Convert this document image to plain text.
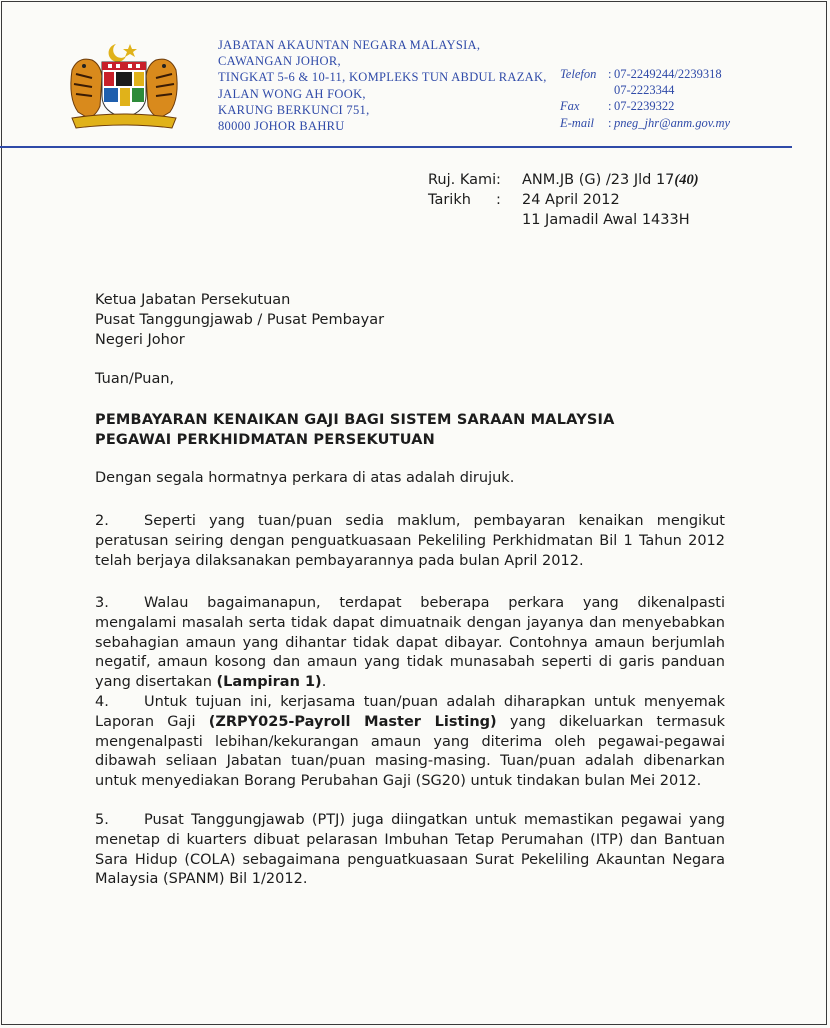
JABATAN AKAUNTAN NEGARA MALAYSIA,
CAWANGAN JOHOR,
TINGKAT 5-6 & 10-11, KOMPLEKS TUN ABDUL RAZAK,
JALAN WONG AH FOOK,
KARUNG BERKUNCI 751,
80000 JOHOR BAHRU
Telefon : 07-2249244/2239318
07-2223344
Fax	: 07-2239322
E-mail	: pneg_jhr@anm.gov.my
Ruj. Kami :	ANM.JB (G) /23 Jld 17 (40)
Tarikh	:	24 April 2012
11 Jamadil Awal 1433H
Ketua Jabatan Persekutuan
Pusat Tanggungjawab / Pusat Pembayar
Negeri Johor
Tuan/Puan,
PEMBAYARAN KENAIKAN GAJI BAGI SISTEM SARAAN MALAYSIA
PEGAWAI PERKHIDMATAN PERSEKUTUAN
Dengan segala hormatnya perkara di atas adalah dirujuk.
2. Seperti yang tuan/puan sedia maklum, pembayaran kenaikan mengikut peratusan seiring dengan penguatkuasaan Pekeliling Perkhidmatan Bil 1 Tahun 2012 telah berjaya dilaksanakan pembayarannya pada bulan April 2012.
3. Walau bagaimanapun, terdapat beberapa perkara yang dikenalpasti mengalami masalah serta tidak dapat dimuatnaik dengan jayanya dan menyebabkan sebahagian amaun yang dihantar tidak dapat dibayar. Contohnya amaun berjumlah negatif, amaun kosong dan amaun yang tidak munasabah seperti di garis panduan yang disertakan (Lampiran 1).
4. Untuk tujuan ini, kerjasama tuan/puan adalah diharapkan untuk menyemak Laporan Gaji (ZRPY025-Payroll Master Listing) yang dikeluarkan termasuk mengenalpasti lebihan/kekurangan amaun yang diterima oleh pegawai-pegawai dibawah seliaan Jabatan tuan/puan masing-masing. Tuan/puan adalah dibenarkan untuk menyediakan Borang Perubahan Gaji (SG20) untuk tindakan bulan Mei 2012.
5. Pusat Tanggungjawab (PTJ) juga diingatkan untuk memastikan pegawai yang menetap di kuarters dibuat pelarasan Imbuhan Tetap Perumahan (ITP) dan Bantuan Sara Hidup (COLA) sebagaimana penguatkuasaan Surat Pekeliling Akauntan Negara Malaysia (SPANM) Bil 1/2012.
